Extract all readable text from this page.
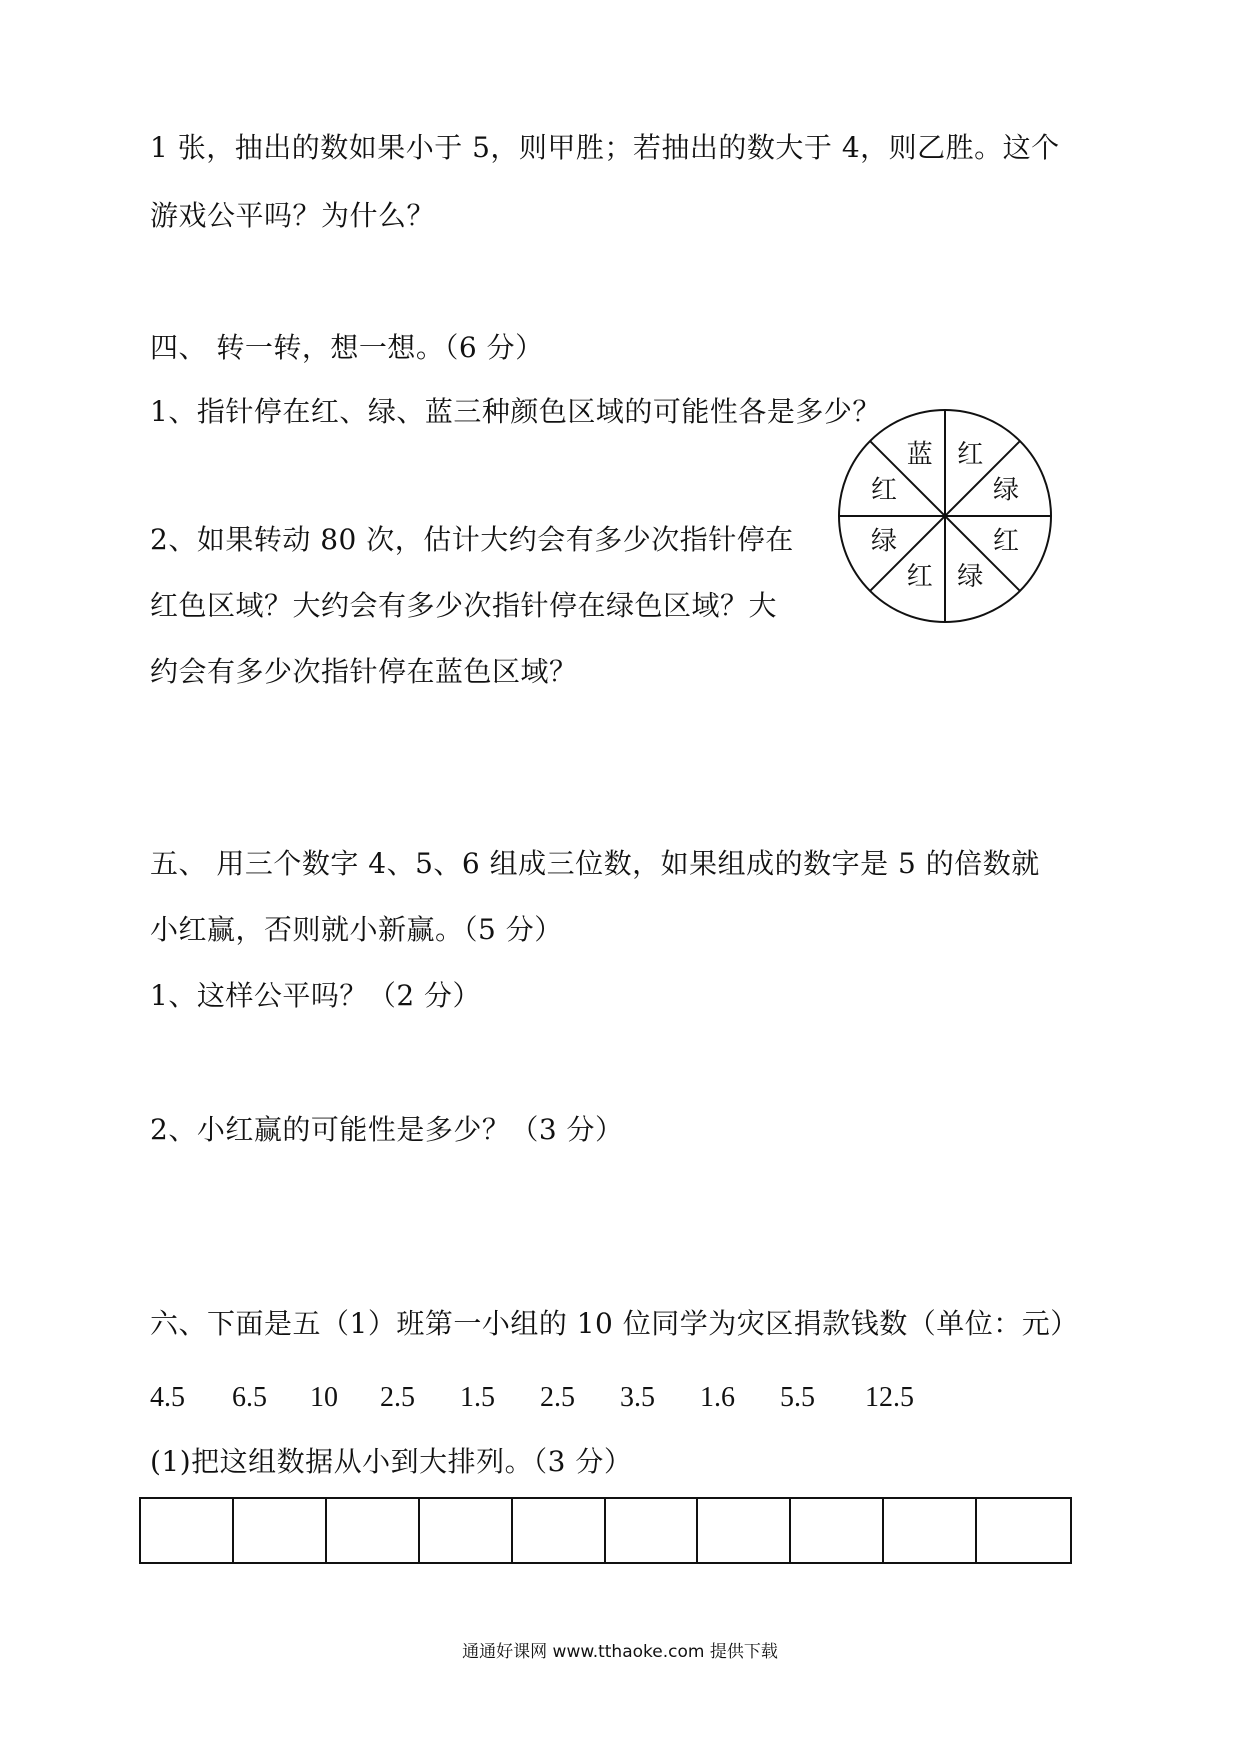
1 张，抽出的数如果小于 5，则甲胜；若抽出的数大于 4，则乙胜。这个
游戏公平吗？为什么？
四、 转一转，想一想。（6 分）
1、指针停在红、绿、蓝三种颜色区域的可能性各是多少？
红
绿
红
绿
红
绿
红
蓝
2、如果转动 80 次，估计大约会有多少次指针停在
红色区域？大约会有多少次指针停在绿色区域？大
约会有多少次指针停在蓝色区域？
五、 用三个数字 4、5、6 组成三位数，如果组成的数字是 5 的倍数就
小红赢，否则就小新赢。（5 分）
1、这样公平吗？（2 分）
2、小红赢的可能性是多少？（3 分）
六、下面是五（1）班第一小组的 10 位同学为灾区捐款钱数（单位：元）
4.5	6.5	10	2.5	1.5	2.5	3.5	1.6	5.5	12.5
(1)把这组数据从小到大排列。（3 分）
通通好课网 www.tthaoke.com 提供下载
